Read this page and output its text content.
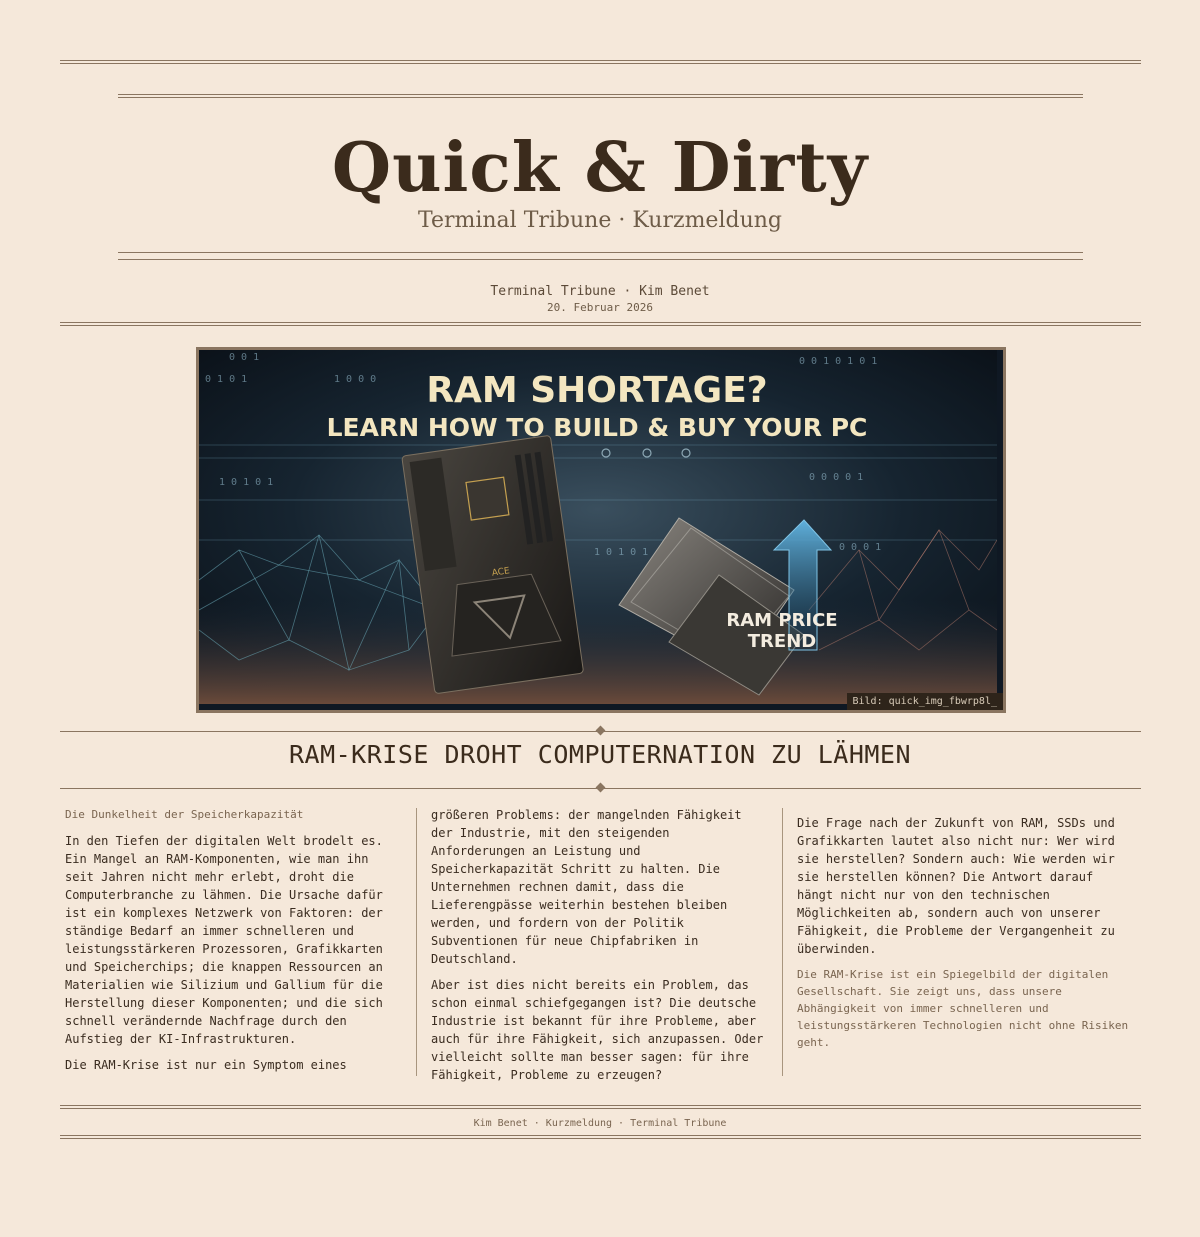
Quick & Dirty
Terminal Tribune · Kurzmeldung
Terminal Tribune · Kim Benet
20. Februar 2026
0 1 0 1	1 0 0 0
0 0 1	0 0 1 0 1 0 1
1 0 1 0 1	0 0 0 0 1
1 0 1 0 1	0 0 0 1
RAM SHORTAGE?
LEARN HOW TO BUILD & BUY YOUR PC
ACE
RAM PRICE
TREND
Bild: quick_img_fbwrp8l_
RAM-KRISE DROHT COMPUTERNATION ZU LÄHMEN

Die Dunkelheit der Speicherkapazität

In den Tiefen der digitalen Welt brodelt es. Ein Mangel an RAM-Komponenten, wie man ihn seit Jahren nicht mehr erlebt, droht die Computerbranche zu lähmen. Die Ursache dafür ist ein komplexes Netzwerk von Faktoren: der ständige Bedarf an immer schnelleren und leistungsstärkeren Prozessoren, Grafikkarten und Speicherchips; die knappen Ressourcen an Materialien wie Silizium und Gallium für die Herstellung dieser Komponenten; und die sich schnell verändernde Nachfrage durch den Aufstieg der KI-Infrastrukturen.

Die RAM-Krise ist nur ein Symptom eines

größeren Problems: der mangelnden Fähigkeit der Industrie, mit den steigenden Anforderungen an Leistung und Speicherkapazität Schritt zu halten. Die Unternehmen rechnen damit, dass die Lieferengpässe weiterhin bestehen bleiben werden, und fordern von der Politik Subventionen für neue Chipfabriken in Deutschland.

Aber ist dies nicht bereits ein Problem, das schon einmal schiefgegangen ist? Die deutsche Industrie ist bekannt für ihre Probleme, aber auch für ihre Fähigkeit, sich anzupassen. Oder vielleicht sollte man besser sagen: für ihre Fähigkeit, Probleme zu erzeugen?

Die Frage nach der Zukunft von RAM, SSDs und Grafikkarten lautet also nicht nur: Wer wird sie herstellen? Sondern auch: Wie werden wir sie herstellen können? Die Antwort darauf hängt nicht nur von den technischen Möglichkeiten ab, sondern auch von unserer Fähigkeit, die Probleme der Vergangenheit zu überwinden.

Die RAM-Krise ist ein Spiegelbild der digitalen Gesellschaft. Sie zeigt uns, dass unsere Abhängigkeit von immer schnelleren und leistungsstärkeren Technologien nicht ohne Risiken geht.

Kim Benet · Kurzmeldung · Terminal Tribune
